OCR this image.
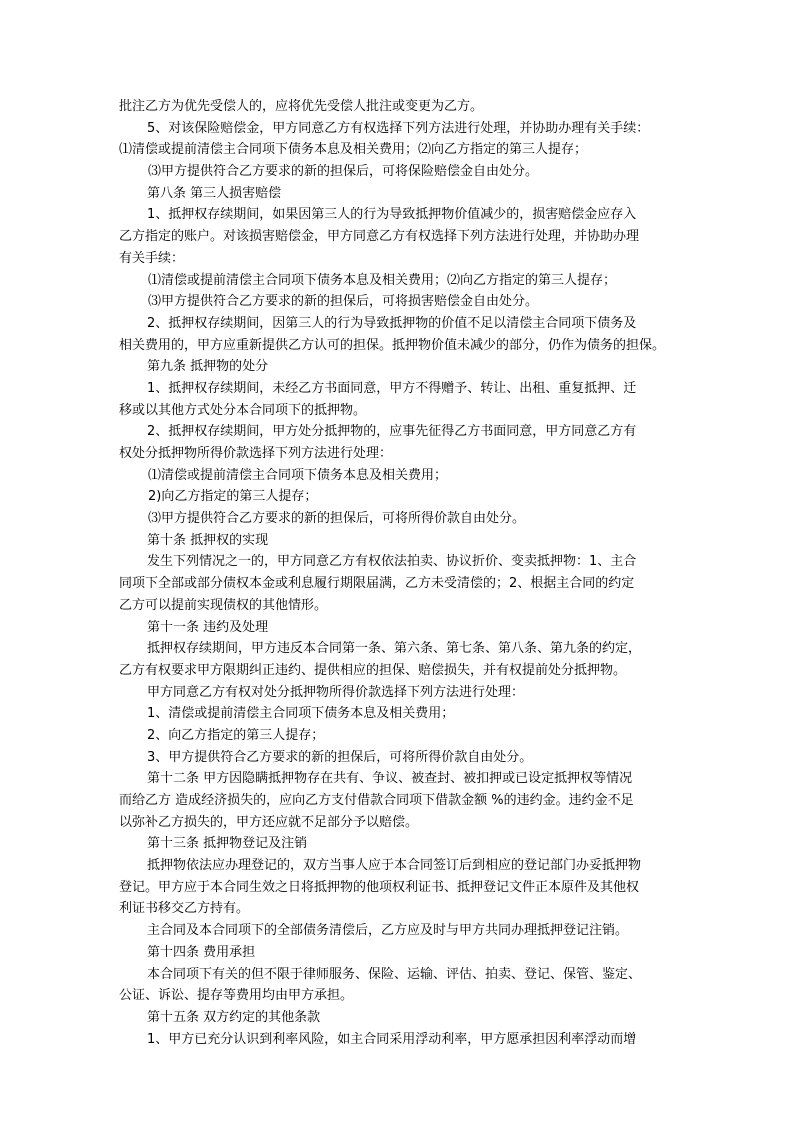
批注乙方为优先受偿人的，应将优先受偿人批注或变更为乙方。
5、对该保险赔偿金，甲方同意乙方有权选择下列方法进行处理，并协助办理有关手续：
⑴清偿或提前清偿主合同项下债务本息及相关费用；⑵向乙方指定的第三人提存；
⑶甲方提供符合乙方要求的新的担保后，可将保险赔偿金自由处分。
第八条 第三人损害赔偿
1、抵押权存续期间，如果因第三人的行为导致抵押物价值减少的，损害赔偿金应存入
乙方指定的账户。对该损害赔偿金，甲方同意乙方有权选择下列方法进行处理，并协助办理
有关手续：
⑴清偿或提前清偿主合同项下债务本息及相关费用；⑵向乙方指定的第三人提存；
⑶甲方提供符合乙方要求的新的担保后，可将损害赔偿金自由处分。
2、抵押权存续期间，因第三人的行为导致抵押物的价值不足以清偿主合同项下债务及
相关费用的，甲方应重新提供乙方认可的担保。抵押物价值未减少的部分，仍作为债务的担保。
第九条 抵押物的处分
1、抵押权存续期间，未经乙方书面同意，甲方不得赠予、转让、出租、重复抵押、迁
移或以其他方式处分本合同项下的抵押物。
2、抵押权存续期间，甲方处分抵押物的，应事先征得乙方书面同意，甲方同意乙方有
权处分抵押物所得价款选择下列方法进行处理：
⑴清偿或提前清偿主合同项下债务本息及相关费用；
2)向乙方指定的第三人提存；
⑶甲方提供符合乙方要求的新的担保后，可将所得价款自由处分。
第十条 抵押权的实现
发生下列情况之一的，甲方同意乙方有权依法拍卖、协议折价、变卖抵押物：1、主合
同项下全部或部分债权本金或利息履行期限届满，乙方未受清偿的；2、根据主合同的约定
乙方可以提前实现债权的其他情形。
第十一条 违约及处理
抵押权存续期间，甲方违反本合同第一条、第六条、第七条、第八条、第九条的约定，
乙方有权要求甲方限期纠正违约、提供相应的担保、赔偿损失，并有权提前处分抵押物。
甲方同意乙方有权对处分抵押物所得价款选择下列方法进行处理：
1、清偿或提前清偿主合同项下债务本息及相关费用；
2、向乙方指定的第三人提存；
3、甲方提供符合乙方要求的新的担保后，可将所得价款自由处分。
第十二条 甲方因隐瞒抵押物存在共有、争议、被查封、被扣押或已设定抵押权等情况
而给乙方 造成经济损失的，应向乙方支付借款合同项下借款金额 %的违约金。违约金不足
以弥补乙方损失的，甲方还应就不足部分予以赔偿。
第十三条 抵押物登记及注销
抵押物依法应办理登记的，双方当事人应于本合同签订后到相应的登记部门办妥抵押物
登记。甲方应于本合同生效之日将抵押物的他项权利证书、抵押登记文件正本原件及其他权
利证书移交乙方持有。
主合同及本合同项下的全部债务清偿后，乙方应及时与甲方共同办理抵押登记注销。
第十四条 费用承担
本合同项下有关的但不限于律师服务、保险、运输、评估、拍卖、登记、保管、鉴定、
公证、诉讼、提存等费用均由甲方承担。
第十五条 双方约定的其他条款
1、甲方已充分认识到利率风险，如主合同采用浮动利率，甲方愿承担因利率浮动而增
